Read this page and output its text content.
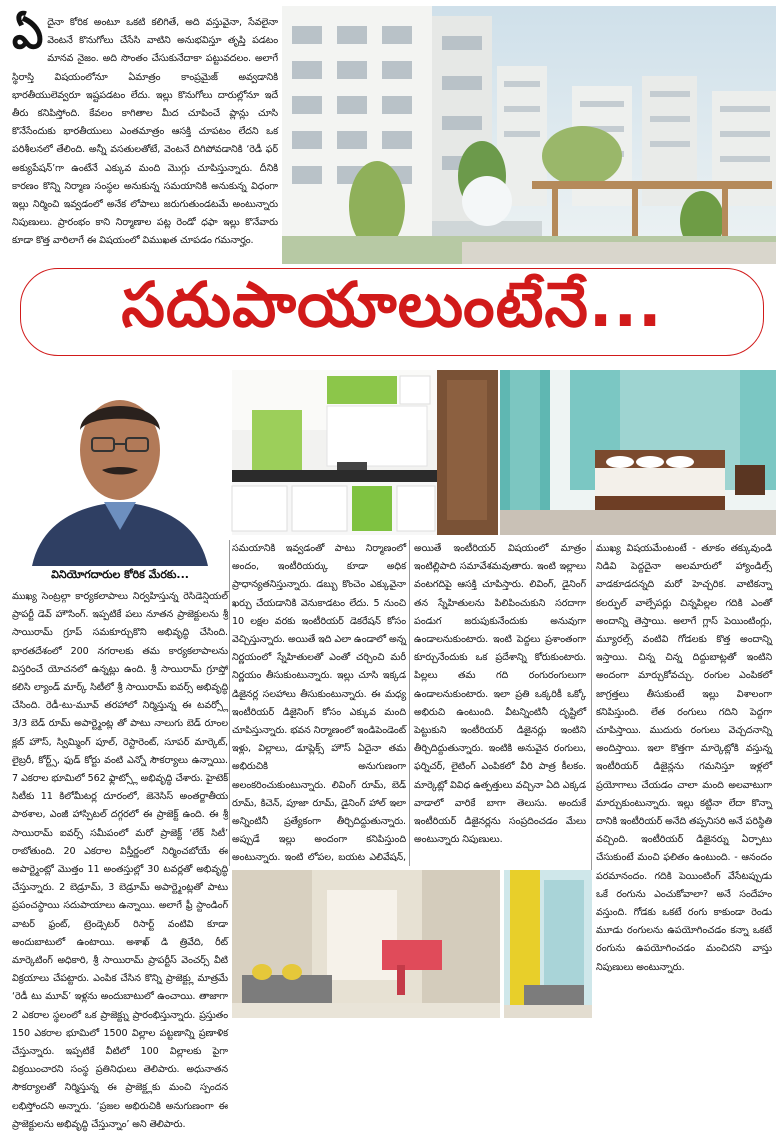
ఏ దైనా కోరిక అంటూ ఒకటి కలిగితే, అది వస్తువైనా, సేవలైనా వెంటనే కొనుగోలు చేసేసి వాటిని అనుభవిస్తూ తృప్తి పడటం మానవ నైజం. అది సొంతం చేసుకునేదాకా పట్టువదలం. అలాగే స్థిరాస్తి విషయంలోనూ ఏమాత్రం కాంప్రమైజ్ అవ్వడానికి భారతీయులెవ్వరూ ఇష్టపడటం లేదు. ఇల్లు కొనుగోలు దారుల్లోనూ ఇదే తీరు కనిపిస్తోంది. కేవలం కాగితాల మీద చూపించే ప్లాన్లు చూసి కొనేసేందుకు భారతీయులు ఎంతమాత్రం ఆసక్తి చూపటం లేదని ఒక పరిశీలనలో తేలింది. అన్నీ వసతులతోటే, వెంటనే దిగిపోవడానికి ‘రెడీ ఫర్ అక్యుపేషన్’గా ఉంటేనే ఎక్కువ మంది మొగ్గు చూపిస్తున్నారు. దీనికి కారణం కొన్ని నిర్మాణ సంస్థల అనుకున్న సమయానికి అనుకున్న విధంగా ఇల్లు నిర్మించి ఇవ్వడంలో అనేక లోపాలు జరుగుతుండటమే అంటున్నారు నిపుణులు. ప్రారంభం కాని నిర్మాణాల పట్ల రెండో ధఫా ఇల్లు కొనేవారు కూడా కొత్త వారిలాగే ఈ విషయంలో విముఖత చూపడం గమనార్హం.
సదుపాయాలుంటేనే...
వినియోగదారుల కోరిక మేరకు...
ముఖ్య సెంట్రల్గా కార్యకలాపాలు నిర్వహిస్తున్న రెసిడెన్షియల్ ప్రాపర్టీ డెవ్ హౌసింగ్. ఇప్పటికే పలు నూతన ప్రాజెక్టులను శ్రీ సాయిరామ్ గ్రూప్ సమకూర్చుకొని అభివృద్ధి చేసింది. భారతదేశంలో 200 నగరాలకు తమ కార్యకలాపాలను విస్తరించే యోచనలో ఉన్నట్లు ఉంది. శ్రీ సాయిరామ్ గ్రూప్తో కలిసి ల్యాండ్ మార్క్ సిటీలో శ్రీ సాయిరామ్ ఐవర్స్ అభివృద్ధి చేసింది. రెడీ-టు-మూవ్ తరహాలో నిర్మిస్తున్న ఈ టవర్స్లో 3/3 బెడ్ రూమ్ అపార్ట్మెంట్ల తో పాటు నాలుగు బెడ్ రూంల క్లబ్ హౌస్, స్విమ్మింగ్ పూల్, రెస్టారెంట్, సూపర్ మార్కెట్, లైబ్రరీ, కోర్ట్స్, ఫుడ్ కోర్టు వంటి ఎన్నో సౌకర్యాలు ఉన్నాయి. 7 ఎకరాల భూమిలో 562 ఫ్లాట్స్లో అభివృద్ధి చేశారు. హైటెక్ సిటీకు 11 కిలోమీటర్ల దూరంలో, జెనెసిస్ అంతర్జాతీయ పాఠశాల, ఎంజీ హాస్పిటల్ దగ్గరలో ఈ ప్రాజెక్ట్ ఉంది. ఈ శ్రీ సాయిరామ్ ఐవర్స్ సమీపంలో మరో ప్రాజెక్ట్ ‘లేక్ సిటీ’ రాబోతుంది. 20 ఎకరాల విస్తీర్ణంలో నిర్మించబోయే ఈ అపార్ట్మెంట్లో మొత్తం 11 అంతస్తుల్లో 30 టవర్లతో అభివృద్ధి చేస్తున్నారు. 2 బెడ్రూమ్, 3 బెడ్రూమ్ అపార్ట్మెంట్లతో పాటు ప్రపంచస్థాయి సదుపాయాలు ఉన్నాయి. అలాగే ఫ్రీ స్టాండింగ్ వాటర్ ఫ్రంట్, ట్రెండ్సెటర్ రిసార్ట్ వంటివి కూడా అందుబాటులో ఉంటాయి. అశాఖ్ డి త్రివేది, రీట్ మార్కెటింగ్ అధికారి, శ్రీ సాయిరామ్ ప్రాపర్టీస్ వెంచర్స్ వీటి విక్రయాలు చేపట్టారు. ఎంపిక చేసిన కొన్ని ప్రాజెక్ట్లు మాత్రమే ‘రెడీ టు మూవ్’ ఇళ్లను అందుబాటులో ఉంచాయి. తాజాగా 2 ఎకరాల స్థలంలో ఒక ప్రాజెక్ట్ను ప్రారంభిస్తున్నారు. ప్రస్తుతం 150 ఎకరాల భూమిలో 1500 విల్లాల పట్టణాన్ని ప్రణాళిక చేస్తున్నారు. ఇప్పటికే వీటిలో 100 విల్లాలకు పైగా విక్రయించారని సంస్థ ప్రతినిధులు తెలిపారు. అధునాతన సౌకర్యాలతో నిర్మిస్తున్న ఈ ప్రాజెక్ట్లకు మంచి స్పందన లభిస్తోందని అన్నారు. ‘ప్రజల అభిరుచికి అనుగుణంగా ఈ ప్రాజెక్టులను అభివృద్ధి చేస్తున్నాం’ అని తెలిపారు.
సమయానికి ఇవ్వడంతో పాటు నిర్మాణంలో అందం, ఇంటీరియర్కు కూడా అధిక ప్రాధాన్యతనిస్తున్నారు. డబ్బు కొంచెం ఎక్కువైనా ఖర్చు చేయడానికి వెనుకాడటం లేదు. 5 నుంచి 10 లక్షల వరకు ఇంటీరియర్ డెకరేషన్ కోసం వెచ్చిస్తున్నారు. అయితే ఇది ఎలా ఉండాలో అన్న నిర్ణయంలో స్నేహితులతో ఎంతో చర్చించి మరీ నిర్ణయం తీసుకుంటున్నారు. ఇల్లు చూసి ఇక్కడ డిజైనర్ల సలహాలు తీసుకుంటున్నారు. ఈ మధ్య ఇంటీరియర్ డిజైనింగ్ కోసం ఎక్కువ మంది చూపిస్తున్నారు. భవన నిర్మాణంలో ఇండిపెండెంట్ ఇళ్లు, విల్లాలు, డూప్లెక్స్ హౌస్ ఏదైనా తమ అభిరుచికి అనుగుణంగా అలంకరించుకుంటున్నారు. లివింగ్ రూమ్, బెడ్ రూమ్, కిచెన్, పూజా రూమ్, డైనింగ్ హాల్ ఇలా అన్నింటినీ ప్రత్యేకంగా తీర్చిదిద్దుతున్నారు. అప్పుడే ఇల్లు అందంగా కనిపిస్తుంది అంటున్నారు. ఇంటి లోపల, బయట ఎలివేషన్,
అయితే ఇంటీరియర్ విషయంలో మాత్రం ఇంటిల్లిపాది సమావేశమవుతారు. ఇంటి ఇల్లాలు వంటగదిపై ఆసక్తి చూపిస్తారు. లివింగ్, డైనింగ్ తన స్నేహితులను పిలిపించుకుని సరదాగా పండుగ జరుపుకునేందుకు అనువుగా ఉండాలనుకుంటారు. ఇంటి పెద్దలు ప్రశాంతంగా కూర్చునేందుకు ఒక ప్రదేశాన్ని కోరుకుంటారు. పిల్లలు తమ గది రంగురంగులుగా ఉండాలనుకుంటారు. ఇలా ప్రతి ఒక్కరికీ ఒక్కో అభిరుచి ఉంటుంది. వీటన్నింటినీ దృష్టిలో పెట్టుకుని ఇంటీరియర్ డిజైనర్లు ఇంటిని తీర్చిదిద్దుతున్నారు. ఇంటికి అనువైన రంగులు, ఫర్నిచర్, లైటింగ్ ఎంపికలో వీరి పాత్ర కీలకం. మార్కెట్లో వివిధ ఉత్పత్తులు వచ్చినా ఏది ఎక్కడ వాడాలో వారికే బాగా తెలుసు. అందుకే ఇంటీరియర్ డిజైనర్లను సంప్రదించడం మేలు అంటున్నారు నిపుణులు.
ముఖ్య విషయమేంటంటే - తూకం తక్కువుండి నిడివి పెద్దదైనా అలమారులో హ్యాండిల్స్ వాడకూడదన్నది మరో హెచ్చరిక. వాటికన్నా కలర్ఫుల్ వాల్పేపర్లు చిన్నపిల్లల గదికి ఎంతో అందాన్ని తెస్తాయి. అలాగే గ్లాస్ పెయింటింగ్లు, మ్యూరల్స్ వంటివి గోడలకు కొత్త అందాన్ని ఇస్తాయి. చిన్న చిన్న దిద్దుబాట్లతో ఇంటిని అందంగా మార్చుకోవచ్చు. రంగుల ఎంపికలో జాగ్రత్తలు తీసుకుంటే ఇల్లు విశాలంగా కనిపిస్తుంది. లేత రంగులు గదిని పెద్దగా చూపిస్తాయి. ముదురు రంగులు వెచ్చదనాన్ని అందిస్తాయి. ఇలా కొత్తగా మార్కెట్లోకి వస్తున్న ఇంటీరియర్ డిజైన్లను గమనిస్తూ ఇళ్లలో ప్రయోగాలు చేయడం చాలా మంది అలవాటుగా మార్చుకుంటున్నారు. ఇల్లు కట్టినా లేదా కొన్నా దానికి ఇంటీరియర్ అనేది తప్పనిసరి అనే పరిస్థితి వచ్చింది. ఇంటీరియర్ డిజైనర్ను ఏర్పాటు చేసుకుంటే మంచి ఫలితం ఉంటుంది. - ఆనందం పరమానందం. గదికి పెయింటింగ్ వేసేటప్పుడు ఒకే రంగును ఎంచుకోవాలా? అనే సందేహం వస్తుంది. గోడకు ఒకటే రంగు కాకుండా రెండు మూడు రంగులను ఉపయోగించడం కన్నా ఒకటే రంగును ఉపయోగించడం మంచిదని వాస్తు నిపుణులు అంటున్నారు.
